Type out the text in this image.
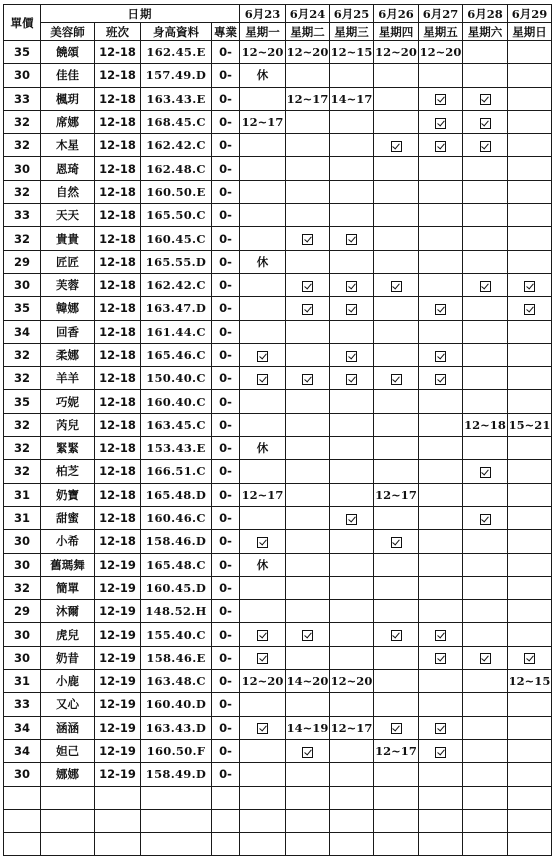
單價	日期				6月23	6月24	6月25	6月26	6月27	6月28	6月29
	美容師	班次	身高資料	專業	星期一	星期二	星期三	星期四	星期五	星期六	星期日
35	饒頌	12-18	162.45.E	0-	12~20	12~20	12~15	12~20	12~20		
30	佳佳	12-18	157.49.D	0-	休						
33	楓玥	12-18	163.43.E	0-		12~17	14~17				
32	席娜	12-18	168.45.C	0-	12~17						
32	木星	12-18	162.42.C	0-							
30	恩琦	12-18	162.48.C	0-							
32	自然	12-18	160.50.E	0-							
33	天天	12-18	165.50.C	0-							
32	貴貴	12-18	160.45.C	0-							
29	匠匠	12-18	165.55.D	0-	休						
30	芙蓉	12-18	162.42.C	0-							
35	韓娜	12-18	163.47.D	0-							
34	回香	12-18	161.44.C	0-							
32	柔娜	12-18	165.46.C	0-							
32	羊羊	12-18	150.40.C	0-							
35	巧妮	12-18	160.40.C	0-							
32	芮兒	12-18	163.45.C	0-						12~18	15~21
32	緊緊	12-18	153.43.E	0-	休						
32	柏芝	12-18	166.51.C	0-							
31	奶寶	12-18	165.48.D	0-	12~17			12~17			
31	甜蜜	12-18	160.46.C	0-							
30	小希	12-18	158.46.D	0-							
30	舊瑪舞	12-19	165.48.C	0-	休						
32	簡單	12-19	160.45.D	0-							
29	沐爾	12-19	148.52.H	0-							
30	虎兒	12-19	155.40.C	0-							
30	奶昔	12-19	158.46.E	0-							
31	小鹿	12-19	163.48.C	0-	12~20	14~20	12~20				12~15
33	又心	12-19	160.40.D	0-							
34	涵涵	12-19	163.43.D	0-		14~19	12~17				
34	妲己	12-19	160.50.F	0-				12~17			
30	娜娜	12-19	158.49.D	0-							
